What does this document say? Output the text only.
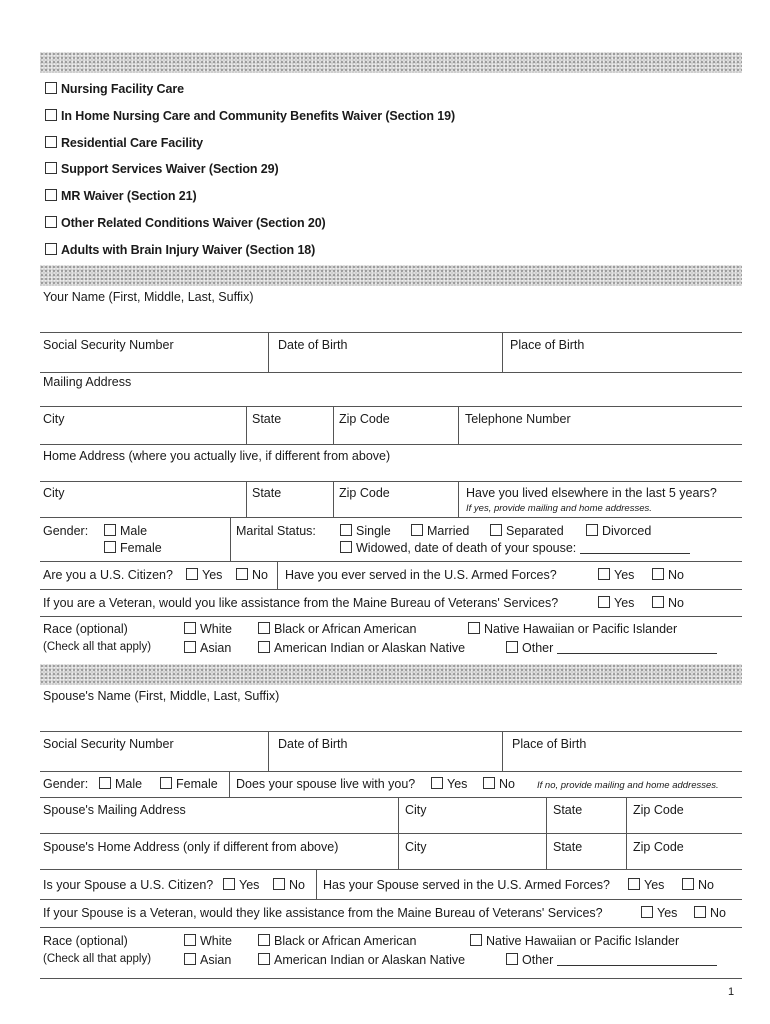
Nursing Facility Care
In Home Nursing Care and Community Benefits Waiver (Section 19)
Residential Care Facility
Support Services Waiver (Section 29)
MR Waiver (Section 21)
Other Related Conditions Waiver (Section 20)
Adults with Brain Injury Waiver (Section 18)
Your Name (First, Middle, Last, Suffix)
Social Security Number	Date of Birth	Place of Birth
Mailing Address
City	State	Zip Code	Telephone Number
Home Address (where you actually live, if different from above)
City	State	Zip Code	Have you lived elsewhere in the last 5 years?
If yes, provide mailing and home addresses.
Gender:	Male
Female
Marital Status:	Single	Married	Separated	Divorced
Widowed, date of death of your spouse:
Are you a U.S. Citizen?	Yes	No Have you ever served in the U.S. Armed Forces?	Yes	No
If you are a Veteran, would you like assistance from the Maine Bureau of Veterans' Services?	Yes	No
Race (optional)
(Check all that apply)
White	Black or African American	Native Hawaiian or Pacific Islander
Asian	American Indian or Alaskan Native	Other
Spouse's Name (First, Middle, Last, Suffix)
Social Security Number	Date of Birth	Place of Birth
Gender:	Male	Female Does your spouse live with you?	Yes	No If no, provide mailing and home addresses.
Spouse's Mailing Address	City	State	Zip Code
Spouse's Home Address (only if different from above)	City	State	Zip Code
Is your Spouse a U.S. Citizen?	Yes	No Has your Spouse served in the U.S. Armed Forces?	Yes	No
If your Spouse is a Veteran, would they like assistance from the Maine Bureau of Veterans' Services?	Yes	No
Race (optional)
(Check all that apply)
White	Black or African American	Native Hawaiian or Pacific Islander
Asian	American Indian or Alaskan Native	Other
1
